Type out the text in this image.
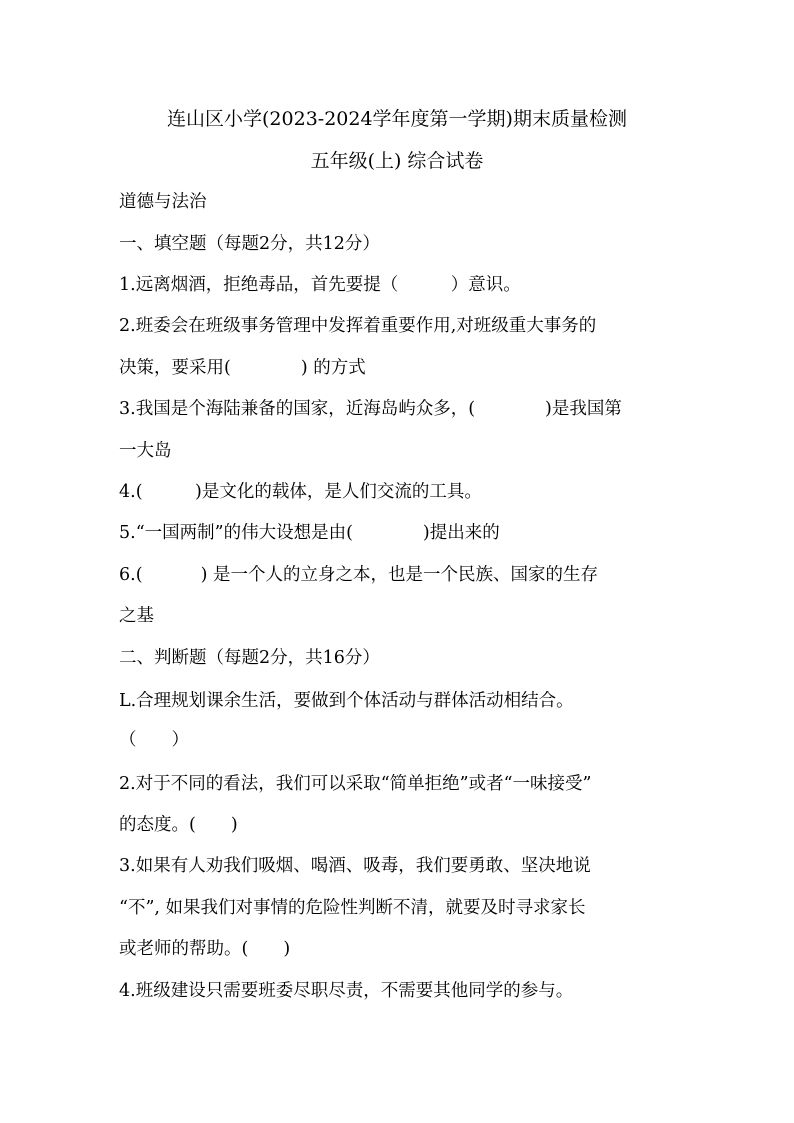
连山区小学(2023-2024学年度第一学期)期末质量检测
五年级(上) 综合试卷
道德与法治
一、填空题（每题2分，共12分）
1.远离烟酒，拒绝毒品，首先要提（　　　）意识。
2.班委会在班级事务管理中发挥着重要作用,对班级重大事务的
决策，要采用(　　　　) 的方式
3.我国是个海陆兼备的国家，近海岛屿众多，(　　　　)是我国第
一大岛
4.(　　　)是文化的载体，是人们交流的工具。
5.“一国两制”的伟大设想是由(　　　　)提出来的
6.(　　　 ) 是一个人的立身之本，也是一个民族、国家的生存
之基
二、判断题（每题2分，共16分）
L.合理规划课余生活，要做到个体活动与群体活动相结合。
（　　）
2.对于不同的看法，我们可以采取“简单拒绝”或者“一味接受”
的态度。(　　)
3.如果有人劝我们吸烟、喝酒、吸毒，我们要勇敢、坚决地说
“不”, 如果我们对事情的危险性判断不清，就要及时寻求家长
或老师的帮助。(　　)
4.班级建设只需要班委尽职尽责，不需要其他同学的参与。
